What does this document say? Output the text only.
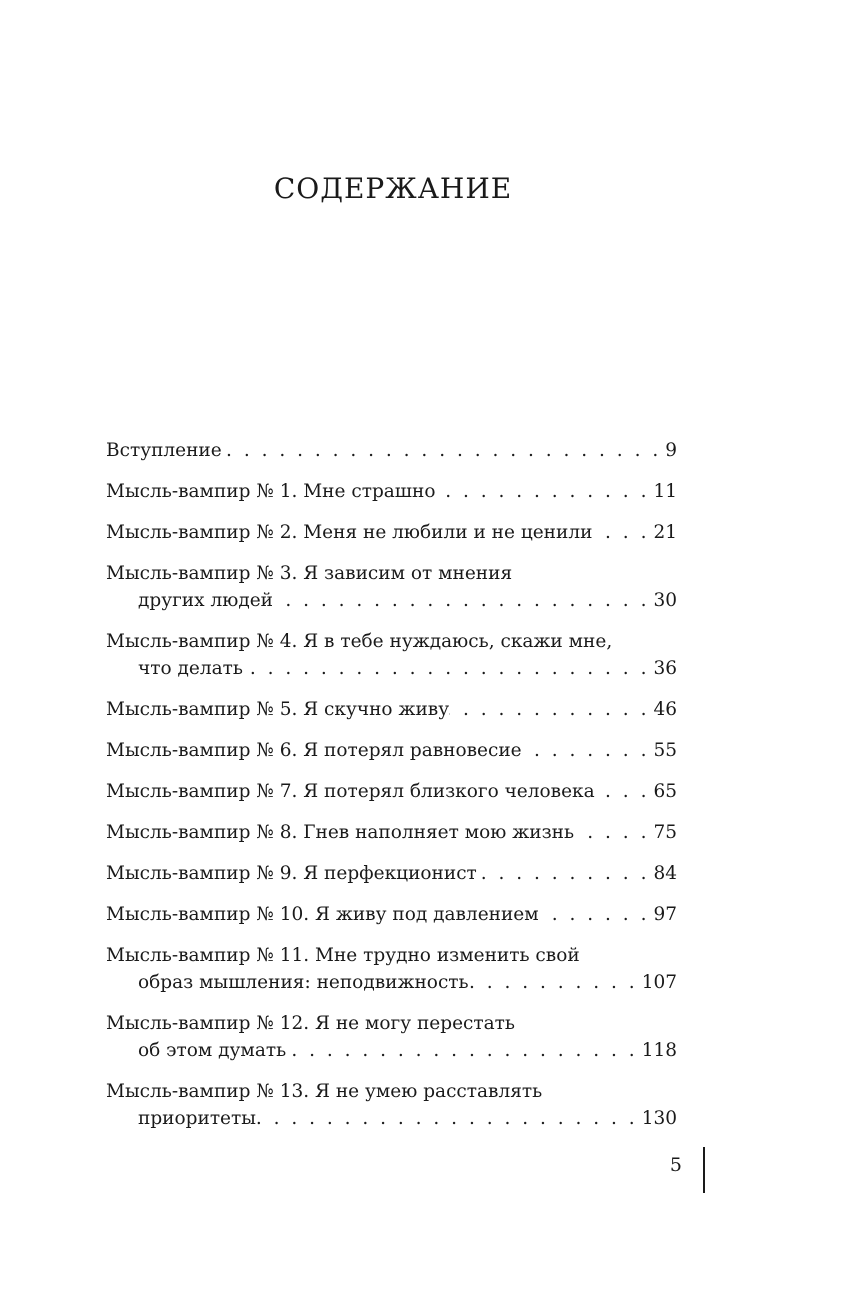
СОДЕРЖАНИЕ
Вступление . . .	9
Мысль-вампир № 1. Мне страшно . . .	11
Мысль-вампир № 2. Меня не любили и не ценили . . .	21
Мысль-вампир № 3. Я зависим от мнения
других людей . . .	30
Мысль-вампир № 4. Я в тебе нуждаюсь, скажи мне,
что делать . . .	36
Мысль-вампир № 5. Я скучно живу . . .	46
Мысль-вампир № 6. Я потерял равновесие . . .	55
Мысль-вампир № 7. Я потерял близкого человека . . .	65
Мысль-вампир № 8. Гнев наполняет мою жизнь . . .	75
Мысль-вампир № 9. Я перфекционист . . .	84
Мысль-вампир № 10. Я живу под давлением . . .	97
Мысль-вампир № 11. Мне трудно изменить свой
образ мышления: неподвижность . . .	107
Мысль-вампир № 12. Я не могу перестать
об этом думать . . .	118
Мысль-вампир № 13. Я не умею расставлять
приоритеты . . .	130
5
